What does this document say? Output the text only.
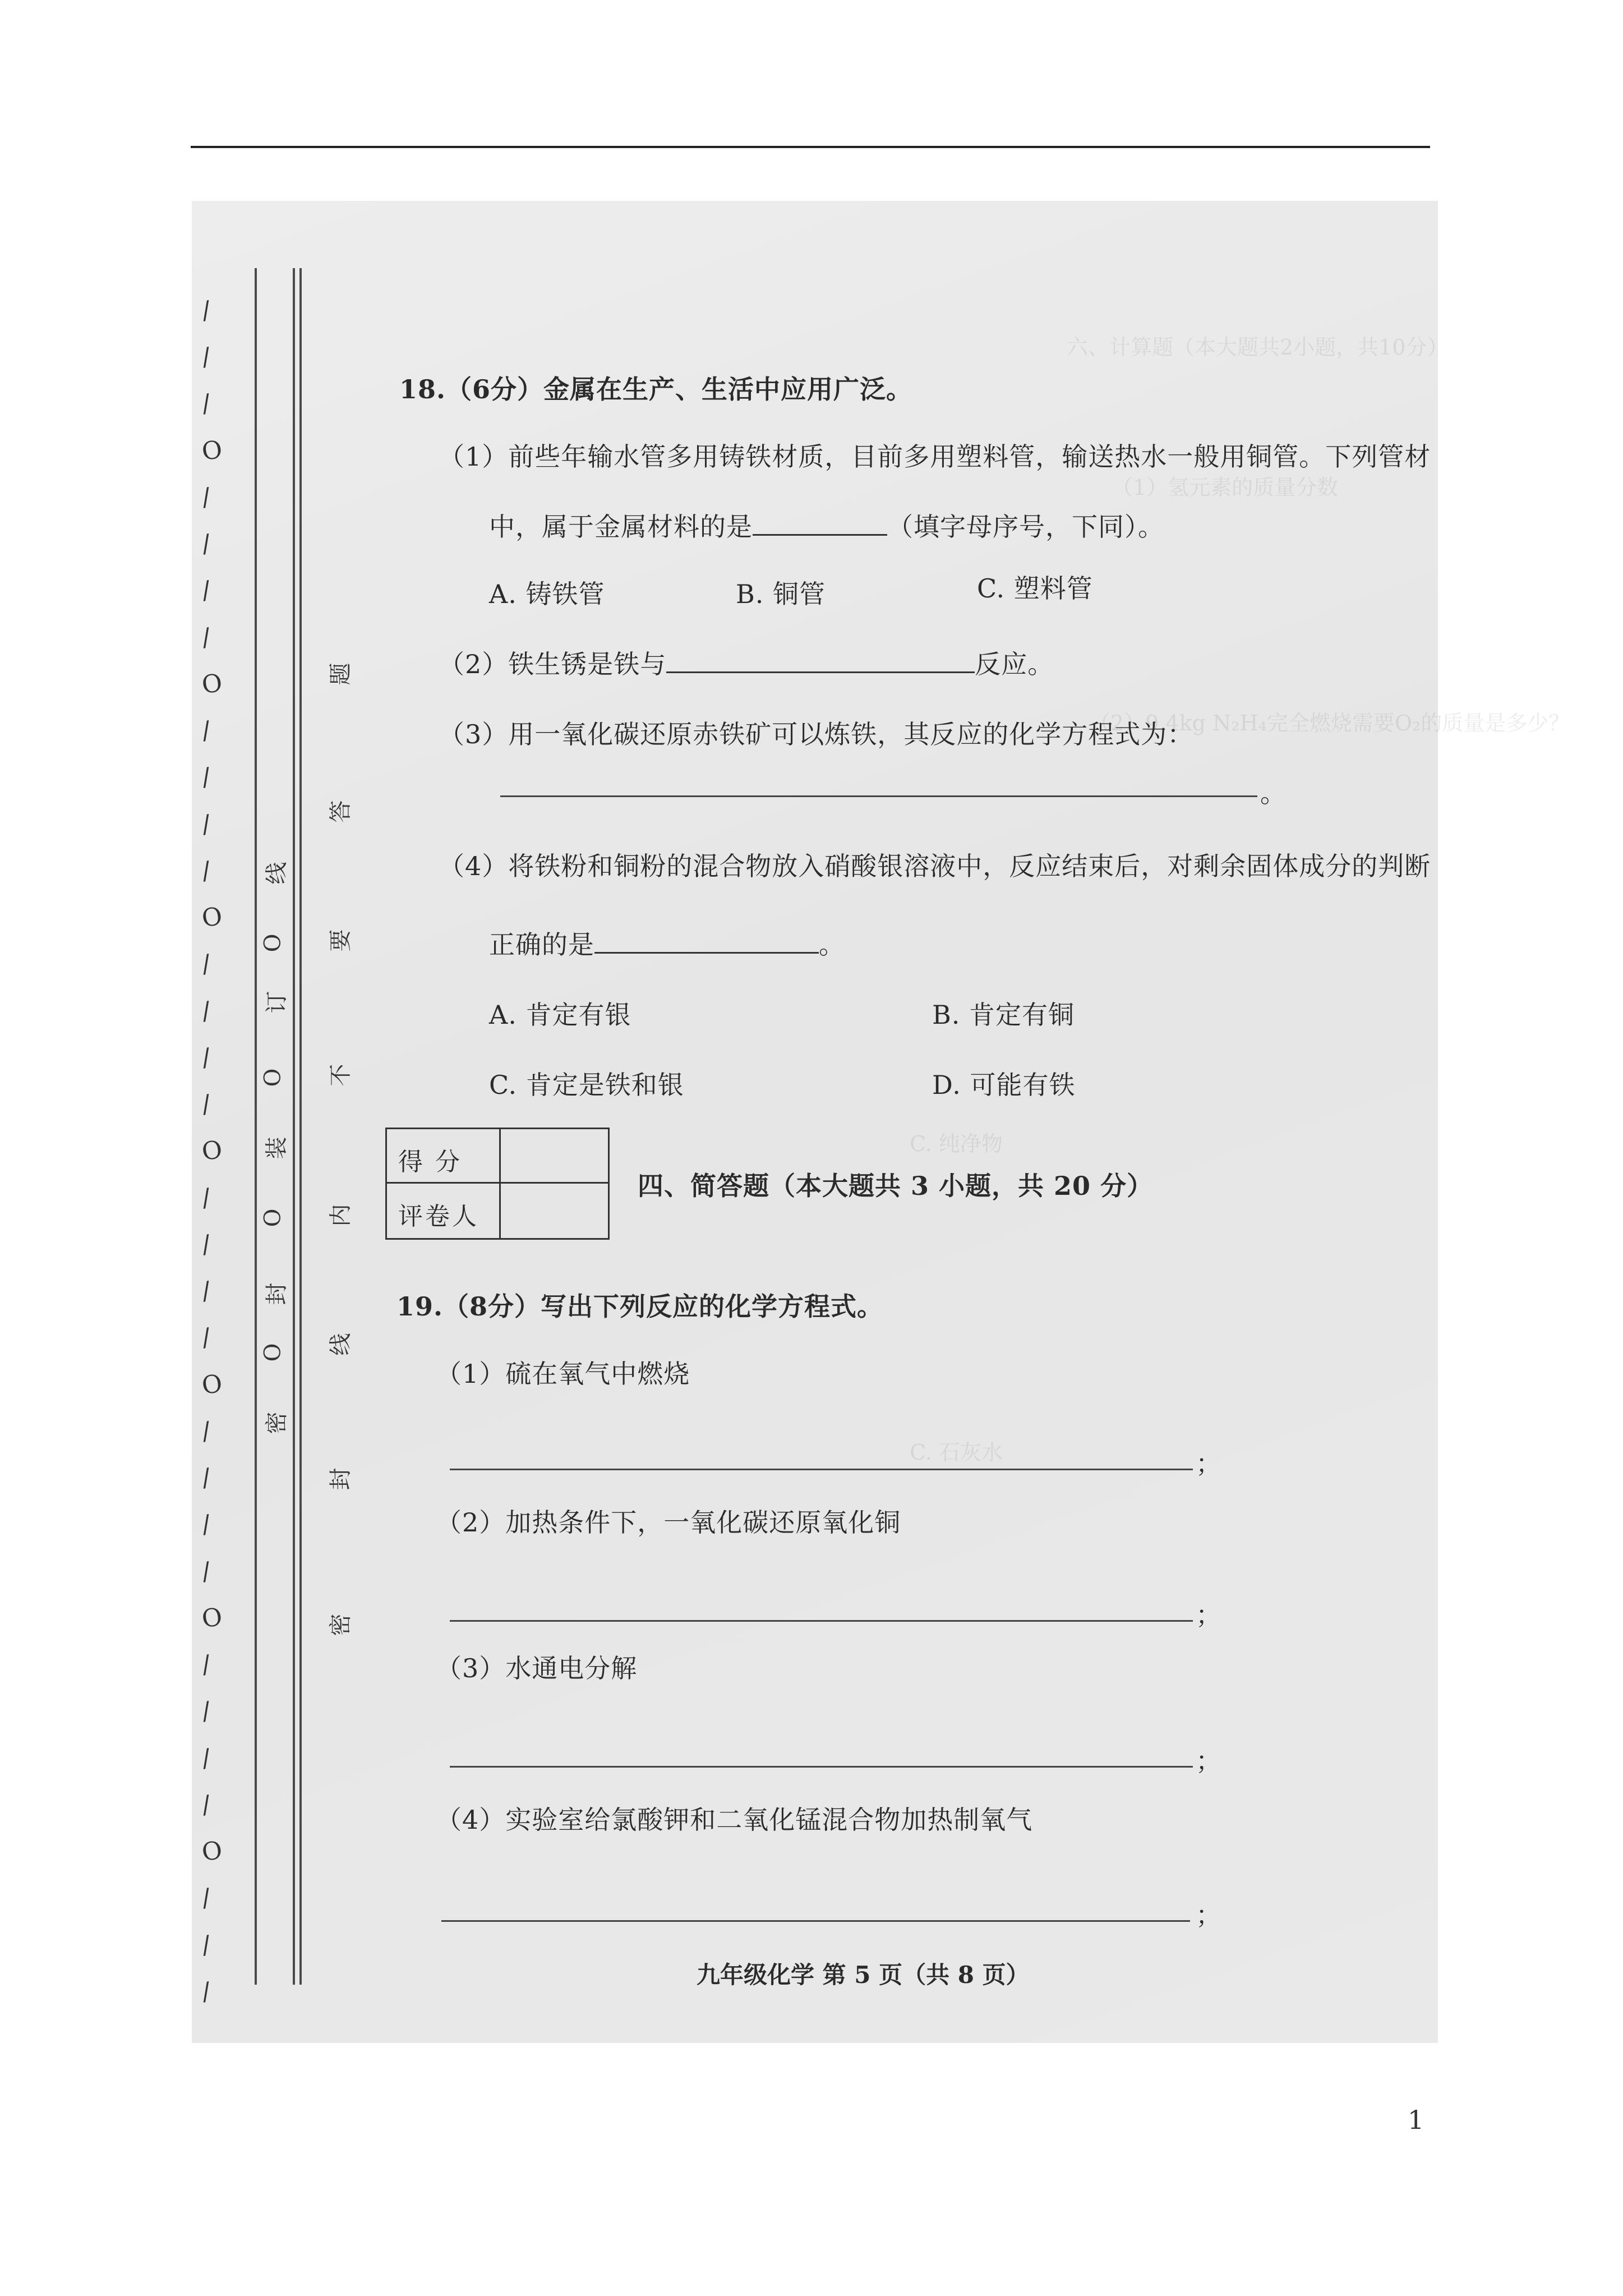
六、计算题（本大题共2小题，共10分）
（1）氢元素的质量分数
（2）9.4kg N₂H₄完全燃烧需要O₂的质量是多少？
C. 纯净物
C. 石灰水
/
/
/
O
/
/
/
/
O
/
/
/
/
O
/
/
/
/
O
/
/
/
/
O
/
/
/
/
O
/
/
/
/
O
/
/
/
线
O
订
O
装
O
封
O
密
题
答
要
不
内
线
封
密
18.（6分）金属在生产、生活中应用广泛。
（1）前些年输水管多用铸铁材质，目前多用塑料管，输送热水一般用铜管。下列管材
中，属于金属材料的是	（填字母序号，下同）。
A. 铸铁管	B. 铜管	C. 塑料管
（2）铁生锈是铁与	反应。
（3）用一氧化碳还原赤铁矿可以炼铁，其反应的化学方程式为：
。
（4）将铁粉和铜粉的混合物放入硝酸银溶液中，反应结束后，对剩余固体成分的判断
正确的是	。
A. 肯定有银	B. 肯定有铜
C. 肯定是铁和银	D. 可能有铁
得 分
评卷人
四、简答题（本大题共 3 小题，共 20 分）
19.（8分）写出下列反应的化学方程式。
（1）硫在氧气中燃烧
；
（2）加热条件下，一氧化碳还原氧化铜
；
（3）水通电分解
；
（4）实验室给氯酸钾和二氧化锰混合物加热制氧气
；
九年级化学 第 5 页（共 8 页）
1
